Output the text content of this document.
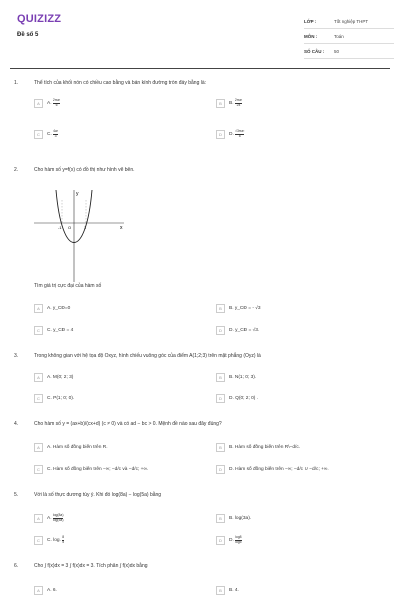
QUIZIZZ
Đề số 5
LỚP :	Tốt nghiệp THPT
MÔN :	Toán
SỐ CÂU :	50
1.	Thể tích của khối nón có chiều cao bằng và bán kính đường tròn đáy bằng là:
A	A.
$\frac{\text{2πa³}}{6}$	B	B.
$\frac{\text{2πa³}}{24}$
C	C.
$\frac{\text{4a³}}{3}$	D	D.
$\frac{\text{√3πa³}}{8}$
2.	Cho hàm số y=f(x) có đồ thị như hình vẽ bên.
x
y
O
-1	1
Tìm giá trị cực đại của hàm số
A	A. y_CĐ=0	B	B. y_CĐ = - √3
C	C. y_CĐ = 4	D	D. y_CĐ = √3.
3.	Trong không gian với hệ tọa độ Oxyz, hình chiếu vuông góc của điểm A(1;2;3) trên mặt phẳng (Oyz) là
A	A. M(0; 2; 3)	B	B. N(1; 0; 3).
C	C. P(1; 0; 0).	D	D. Q(0; 2; 0) .
4.	Cho hàm số y = (ax+b)/(cx+d) (c ≠ 0) và có ad − bc > 0. Mệnh đề nào sau đây đúng?
A	A. Hàm số đồng biến trên R.	B	B. Hàm số đồng biến trên R\−d/c.
C	C. Hàm số đồng biến trên −∞; −d/c và −d/c; +∞.	D	D. Hàm số đồng biến trên −∞; −d/c ∪ −d/c; +∞.
5.	Với là số thực dương tùy ý. Khi đó log(8a) − log(5a) bằng
A	A.
$\frac{\log(8a)}{\log(5a)}$	B	B. log(3a).
C	C. log.
$\frac{8}{5}$	D	D.
$\frac{\log 8}{\log 5}$
6.	Cho ∫ f(x)dx = 3 ∫ f(x)dx = 3. Tích phân ∫ f(x)dx bằng
A	A. 6.	B	B. 4.
